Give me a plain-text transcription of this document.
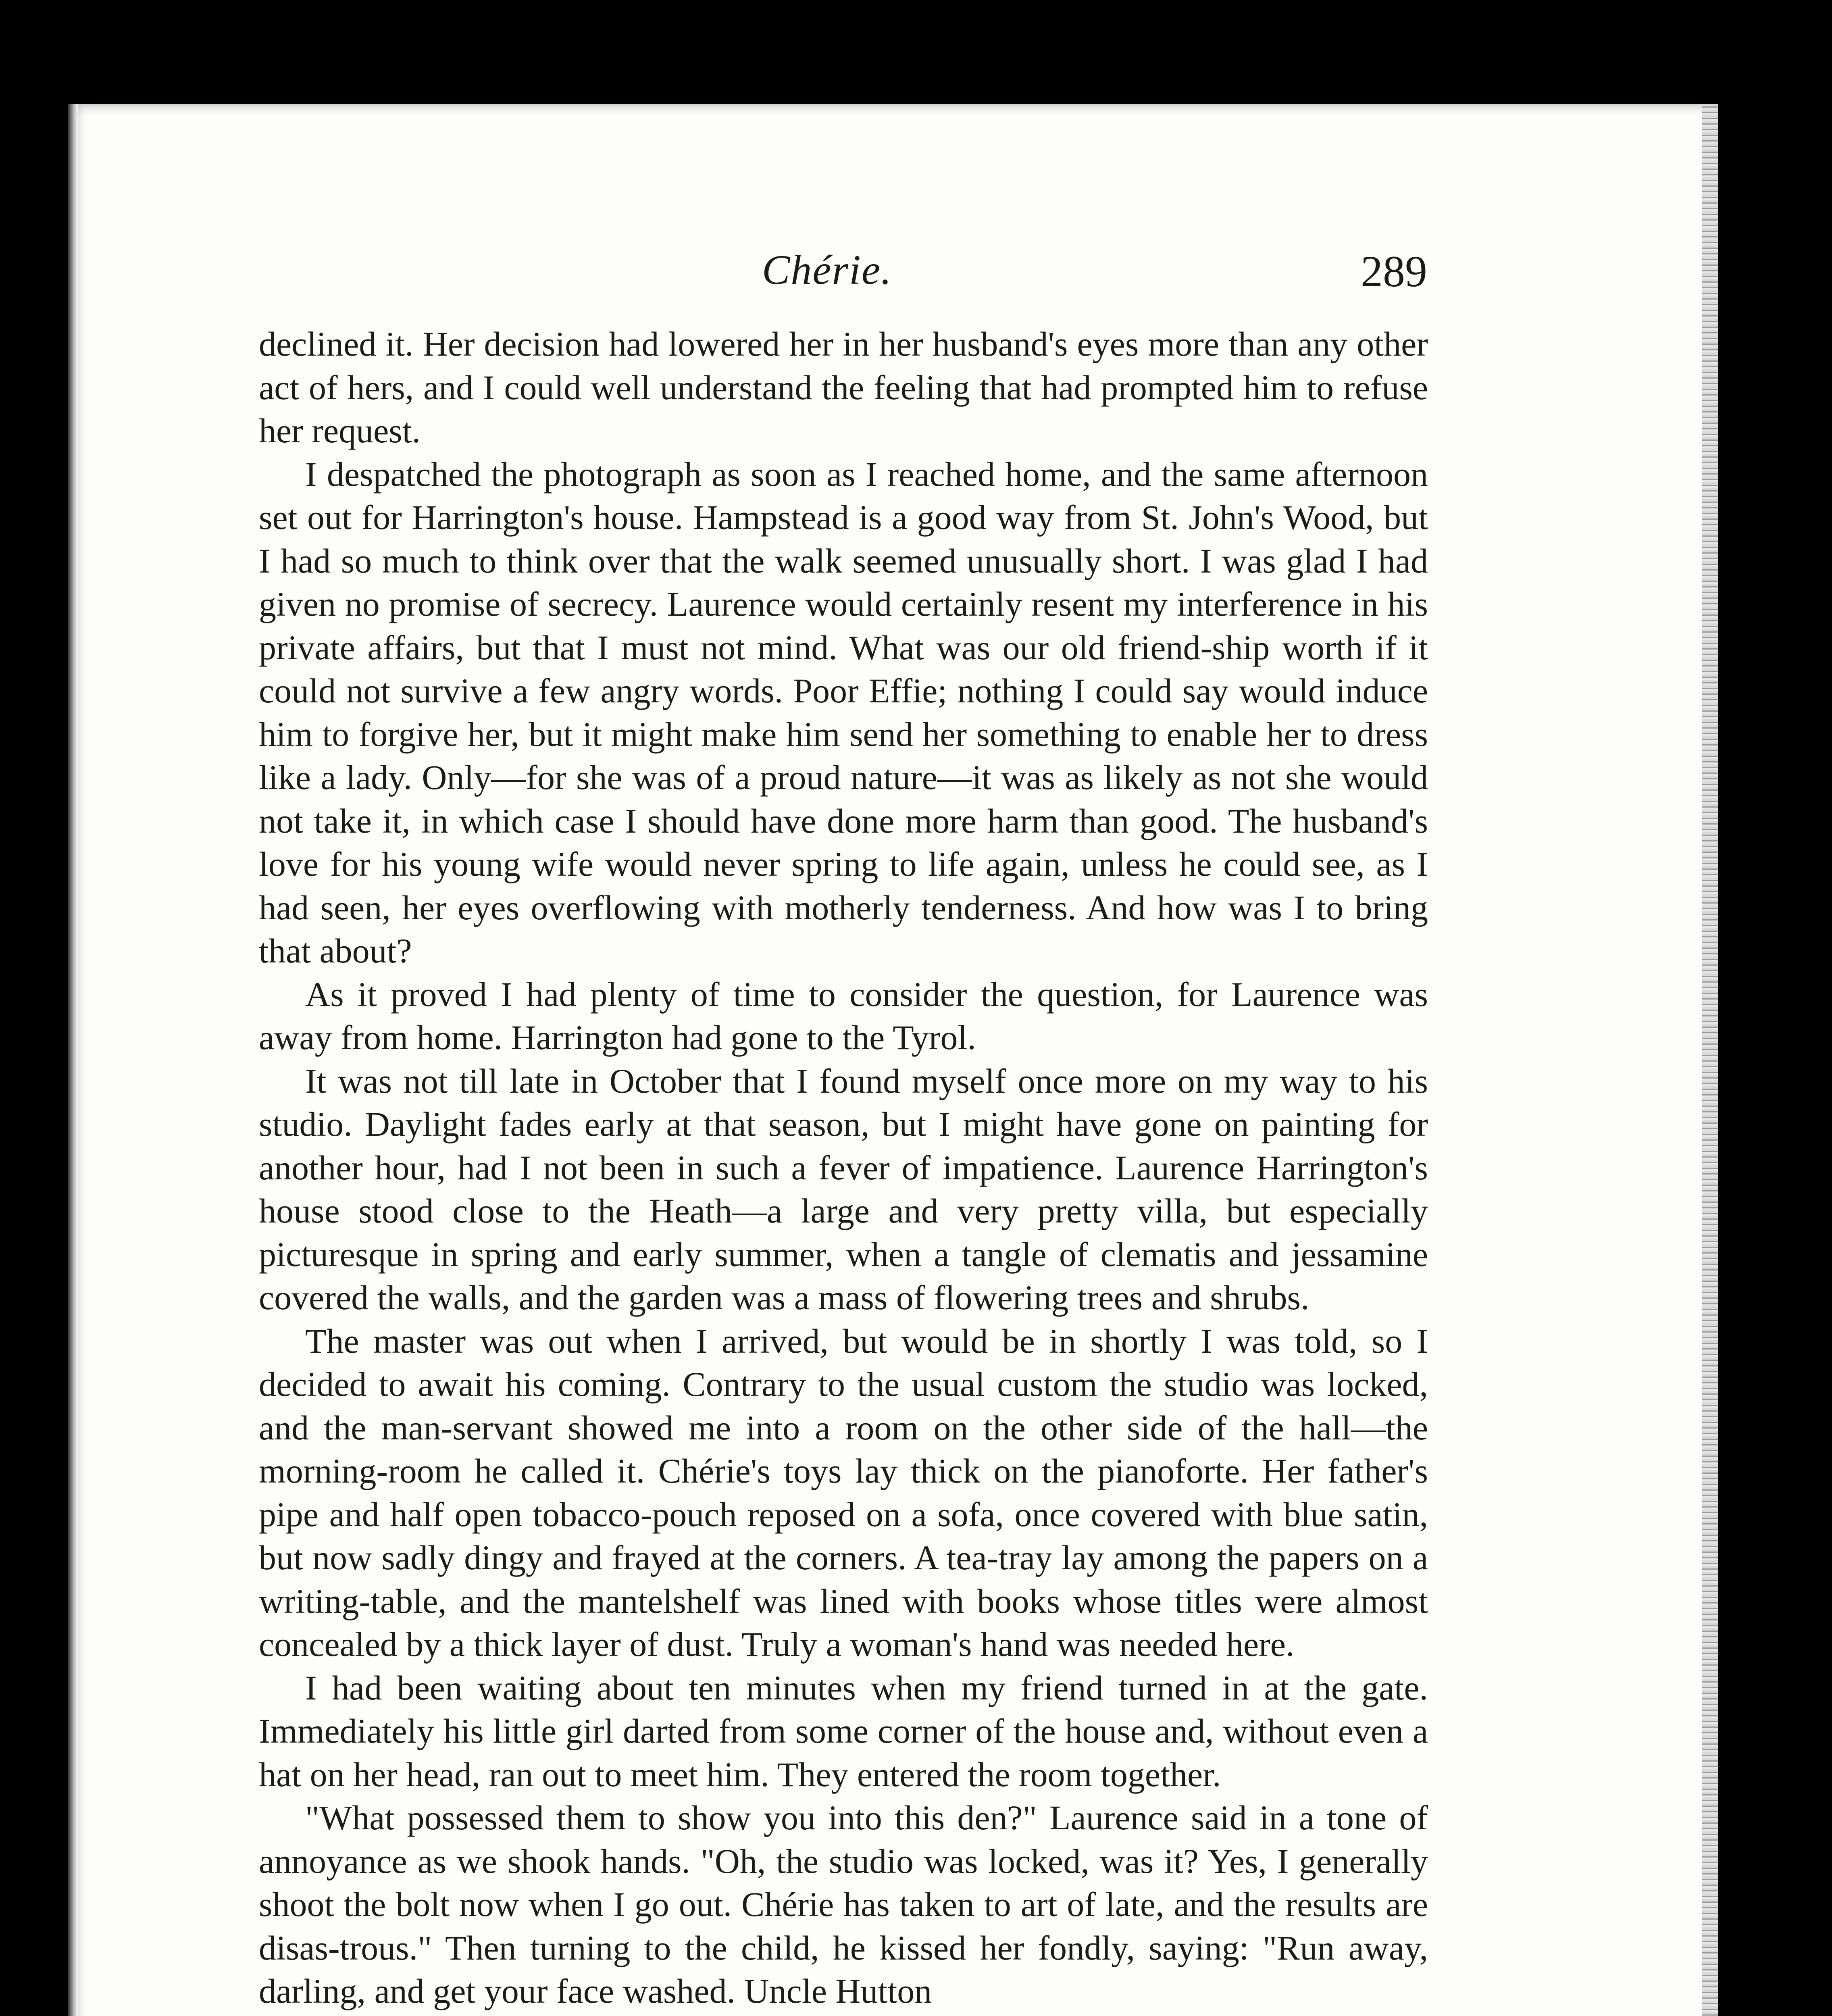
Chérie.	289

declined it. Her decision had lowered her in her husband's eyes more than any other act of hers, and I could well understand the feeling that had prompted him to refuse her request.

I despatched the photograph as soon as I reached home, and the same afternoon set out for Harrington's house. Hampstead is a good way from St. John's Wood, but I had so much to think over that the walk seemed unusually short. I was glad I had given no promise of secrecy. Laurence would certainly resent my interference in his private affairs, but that I must not mind. What was our old friend-ship worth if it could not survive a few angry words. Poor Effie; nothing I could say would induce him to forgive her, but it might make him send her something to enable her to dress like a lady. Only—for she was of a proud nature—it was as likely as not she would not take it, in which case I should have done more harm than good. The husband's love for his young wife would never spring to life again, unless he could see, as I had seen, her eyes overflowing with motherly tenderness. And how was I to bring that about?

As it proved I had plenty of time to consider the question, for Laurence was away from home. Harrington had gone to the Tyrol.

It was not till late in October that I found myself once more on my way to his studio. Daylight fades early at that season, but I might have gone on painting for another hour, had I not been in such a fever of impatience. Laurence Harrington's house stood close to the Heath—a large and very pretty villa, but especially picturesque in spring and early summer, when a tangle of clematis and jessamine covered the walls, and the garden was a mass of flowering trees and shrubs.

The master was out when I arrived, but would be in shortly I was told, so I decided to await his coming. Contrary to the usual custom the studio was locked, and the man-servant showed me into a room on the other side of the hall—the morning-room he called it. Chérie's toys lay thick on the pianoforte. Her father's pipe and half open tobacco-pouch reposed on a sofa, once covered with blue satin, but now sadly dingy and frayed at the corners. A tea-tray lay among the papers on a writing-table, and the mantelshelf was lined with books whose titles were almost concealed by a thick layer of dust. Truly a woman's hand was needed here.

I had been waiting about ten minutes when my friend turned in at the gate. Immediately his little girl darted from some corner of the house and, without even a hat on her head, ran out to meet him. They entered the room together.

"What possessed them to show you into this den?" Laurence said in a tone of annoyance as we shook hands. "Oh, the studio was locked, was it? Yes, I generally shoot the bolt now when I go out. Chérie has taken to art of late, and the results are disas-trous." Then turning to the child, he kissed her fondly, saying: "Run away, darling, and get your face washed. Uncle Hutton
